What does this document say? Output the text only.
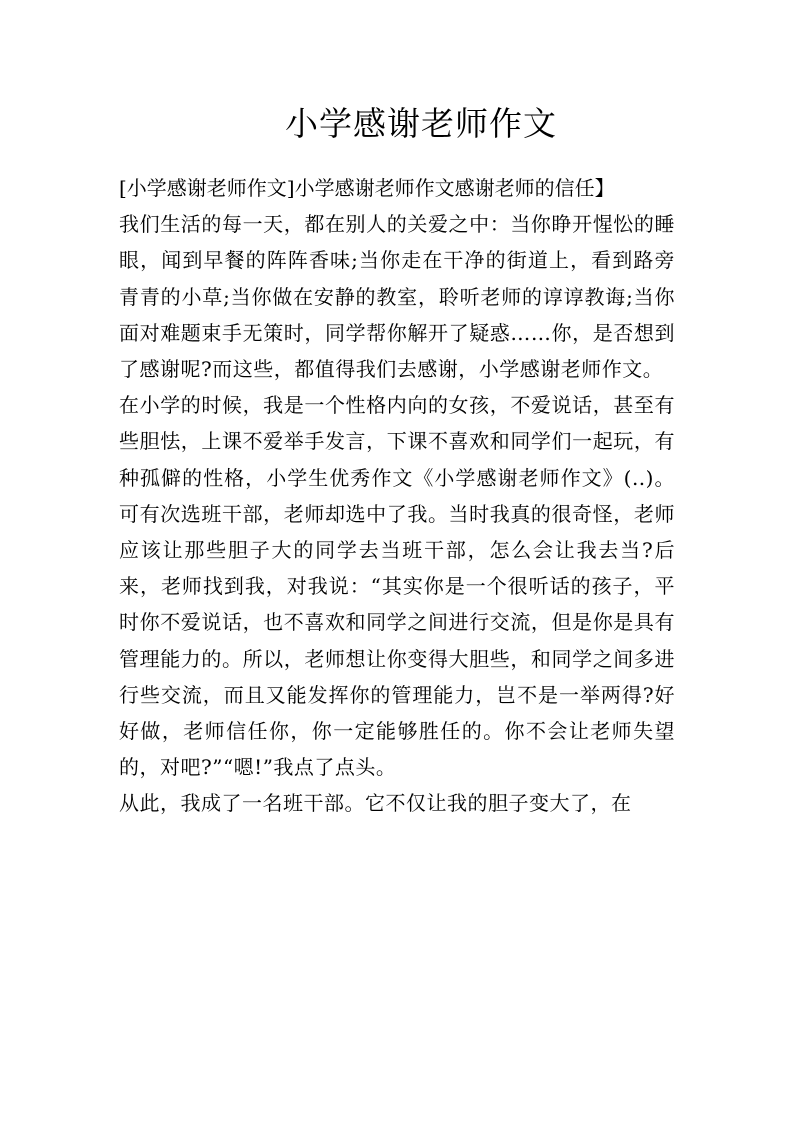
小学感谢老师作文

[小学感谢老师作文]小学感谢老师作文感谢老师的信任】

我们生活的每一天，都在别人的关爱之中：当你睁开惺忪的睡眼，闻到早餐的阵阵香味;当你走在干净的街道上，看到路旁青青的小草;当你做在安静的教室，聆听老师的谆谆教诲;当你面对难题束手无策时，同学帮你解开了疑惑……你，是否想到了感谢呢?而这些，都值得我们去感谢，小学感谢老师作文。

在小学的时候，我是一个性格内向的女孩，不爱说话，甚至有些胆怯，上课不爱举手发言，下课不喜欢和同学们一起玩，有种孤僻的性格，小学生优秀作文《小学感谢老师作文》(..)。可有次选班干部，老师却选中了我。当时我真的很奇怪，老师应该让那些胆子大的同学去当班干部，怎么会让我去当?后来，老师找到我，对我说：“其实你是一个很听话的孩子，平时你不爱说话，也不喜欢和同学之间进行交流，但是你是具有管理能力的。所以，老师想让你变得大胆些，和同学之间多进行些交流，而且又能发挥你的管理能力，岂不是一举两得?好好做，老师信任你，你一定能够胜任的。你不会让老师失望的，对吧?”“嗯!”我点了点头。

从此，我成了一名班干部。它不仅让我的胆子变大了，在
